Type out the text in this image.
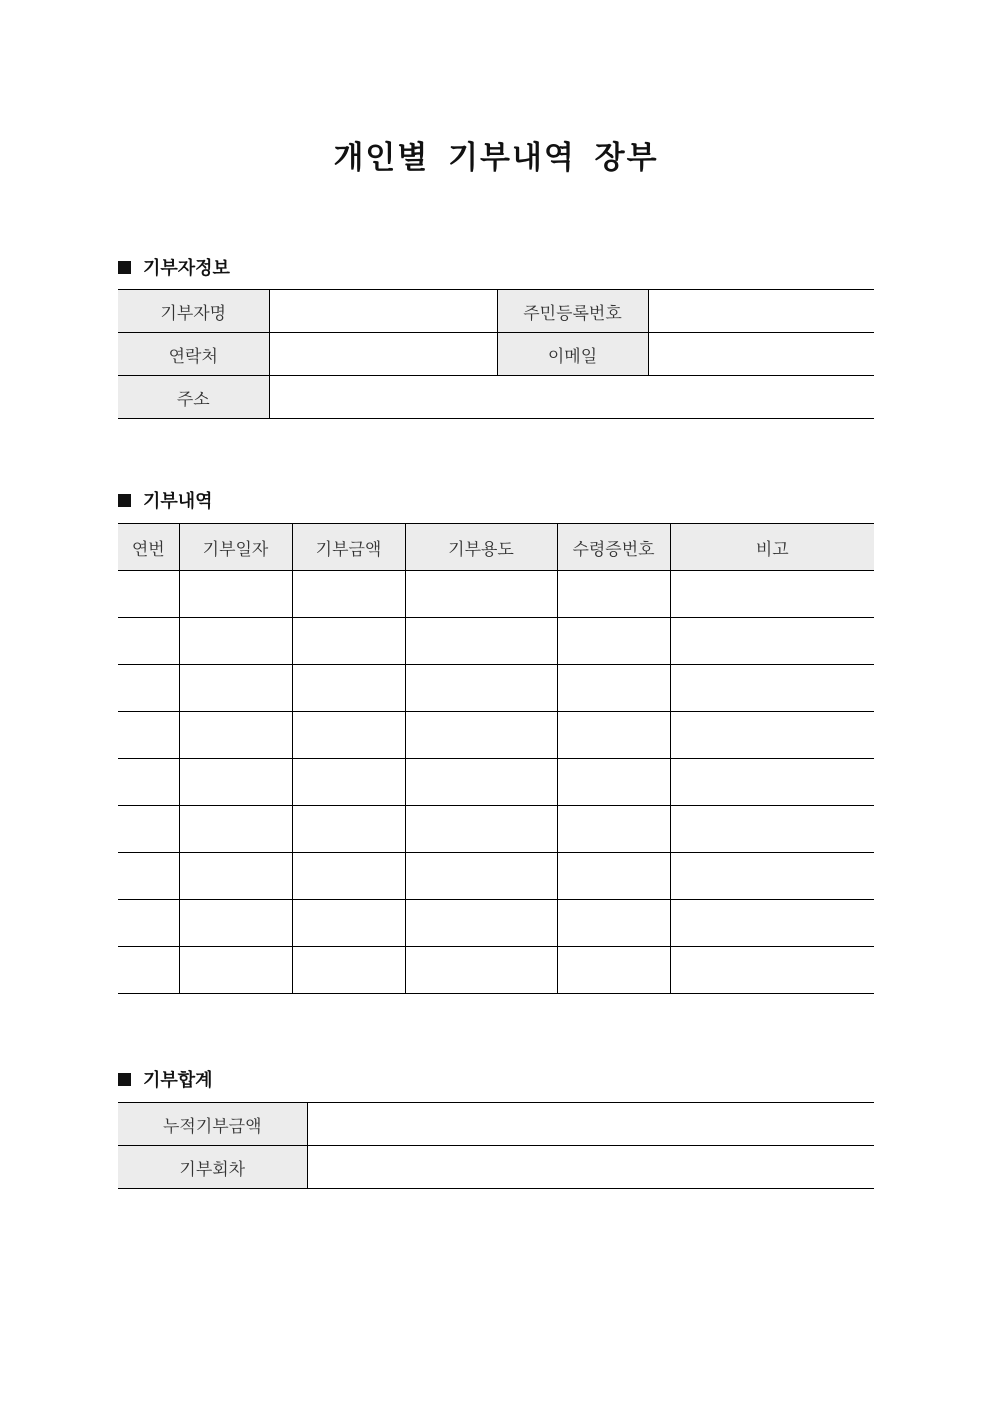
개인별 기부내역 장부
기부자정보
기부자명		주민등록번호	
연락처		이메일	
주소			
기부내역
연번	기부일자	기부금액	기부용도	수령증번호	비고

기부합계
누적기부금액	
기부회차	
